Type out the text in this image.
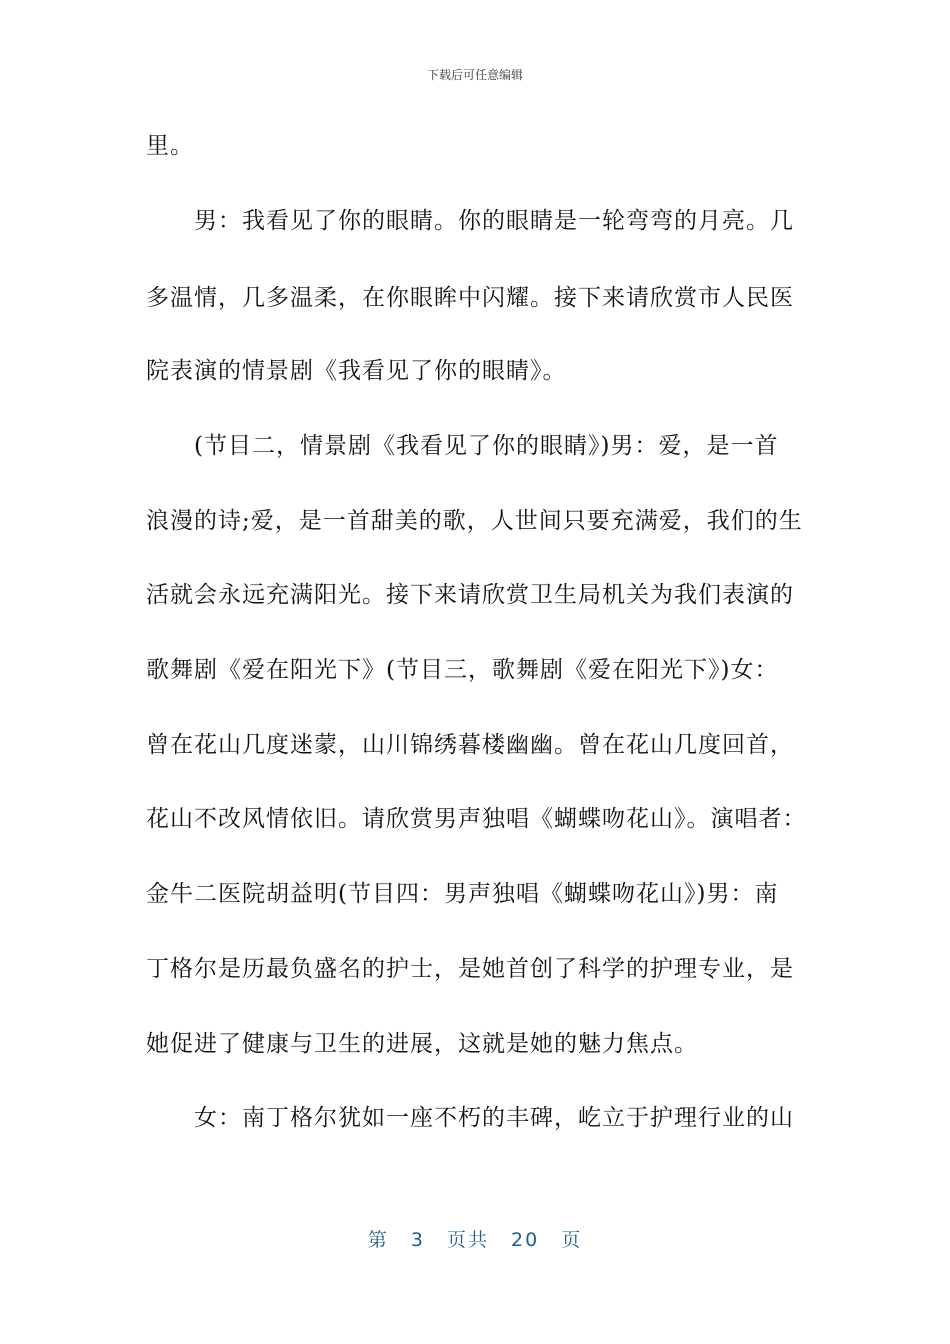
下载后可任意编辑
里。
男：我看见了你的眼睛。你的眼睛是一轮弯弯的月亮。几
多温情，几多温柔，在你眼眸中闪耀。接下来请欣赏市人民医
院表演的情景剧《我看见了你的眼睛》。
(节目二，情景剧《我看见了你的眼睛》)男：爱，是一首
浪漫的诗;爱，是一首甜美的歌，人世间只要充满爱，我们的生
活就会永远充满阳光。接下来请欣赏卫生局机关为我们表演的
歌舞剧《爱在阳光下》(节目三，歌舞剧《爱在阳光下》)女：
曾在花山几度迷蒙，山川锦绣暮楼幽幽。曾在花山几度回首，
花山不改风情依旧。请欣赏男声独唱《蝴蝶吻花山》。演唱者：
金牛二医院胡益明(节目四：男声独唱《蝴蝶吻花山》)男：南
丁格尔是历最负盛名的护士，是她首创了科学的护理专业，是
她促进了健康与卫生的进展，这就是她的魅力焦点。
女：南丁格尔犹如一座不朽的丰碑，屹立于护理行业的山
第 3 页共 20 页
